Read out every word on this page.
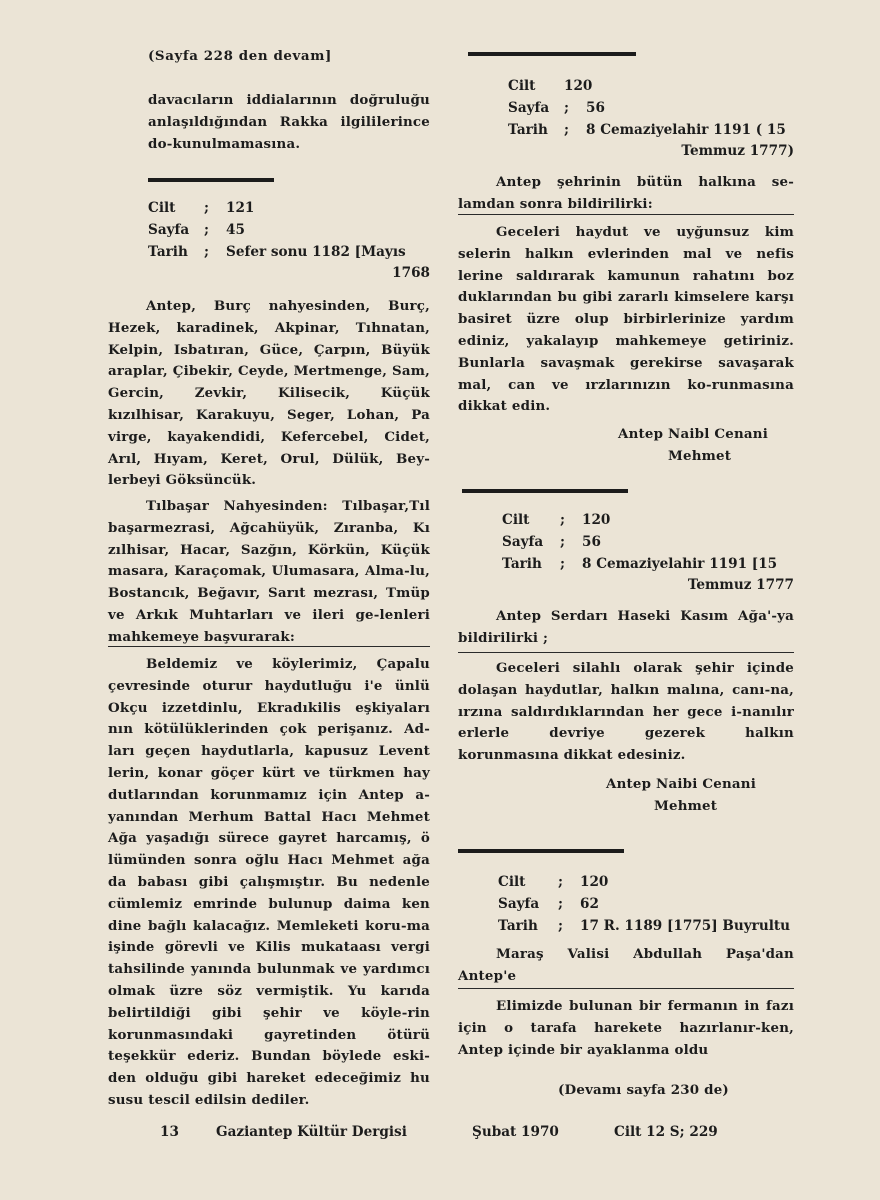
(Sayfa 228 den devam]

davacıların iddialarının doğruluğu anlaşıldığından Rakka ilgililerince do-kunulmamasına.

Cilt ; 121
Sayfa ; 45
Tarih ; Sefer sonu 1182 [Mayıs
1768

Antep, Burç nahyesinden, Burç, Hezek, karadinek, Akpinar, Tıhnatan, Kelpin, Isbatıran, Güce, Çarpın, Büyük araplar, Çibekir, Ceyde, Mertmenge, Sam, Gercin, Zevkir, Kilisecik, Küçük kızılhisar, Karakuyu, Seger, Lohan, Pa virge, kayakendidi, Kefercebel, Cidet, Arıl, Hıyam, Keret, Orul, Dülük, Bey-lerbeyi Göksüncük.

Tılbaşar Nahyesinden: Tılbaşar,Tıl başarmezrasi, Ağcahüyük, Zıranba, Kı zılhisar, Hacar, Sazğın, Körkün, Küçük masara, Karaçomak, Ulumasara, Alma-lu, Bostancık, Beğavır, Sarıt mezrası, Tmüp ve Arkık Muhtarları ve ileri ge-lenleri mahkemeye başvurarak:

Beldemiz ve köylerimiz, Çapalu çevresinde oturur haydutluğu i'e ünlü Okçu izzetdinlu, Ekradıkilis eşkiyaları nın kötülüklerinden çok perişanız. Ad-ları geçen haydutlarla, kapusuz Levent lerin, konar göçer kürt ve türkmen hay dutlarından korunmamız için Antep a-yanından Merhum Battal Hacı Mehmet Ağa yaşadığı sürece gayret harcamış, ö lümünden sonra oğlu Hacı Mehmet ağa da babası gibi çalışmıştır. Bu nedenle cümlemiz emrinde bulunup daima ken dine bağlı kalacağız. Memleketi koru-ma işinde görevli ve Kilis mukataası vergi tahsilinde yanında bulunmak ve yardımcı olmak üzre söz vermiştik. Yu karıda belirtildiği gibi şehir ve köyle-rin korunmasındaki gayretinden ötürü teşekkür ederiz. Bundan böylede eski-den olduğu gibi hareket edeceğimiz hu susu tescil edilsin dediler.

Cilt 120
Sayfa ; 56
Tarih ; 8 Cemaziyelahir 1191 ( 15
Temmuz 1777)

Antep şehrinin bütün halkına se-lamdan sonra bildirilirki:

Geceleri haydut ve uyğunsuz kim selerin halkın evlerinden mal ve nefis lerine saldırarak kamunun rahatını boz duklarından bu gibi zararlı kimselere karşı basiret üzre olup birbirlerinize yardım ediniz, yakalayıp mahkemeye getiriniz. Bunlarla savaşmak gerekirse savaşarak mal, can ve ırzlarınızın ko-runmasına dikkat edin.

Antep Naibl Cenani
Mehmet
Cilt ; 120
Sayfa ; 56
Tarih ; 8 Cemaziyelahir 1191 [15
Temmuz 1777

Antep Serdarı Haseki Kasım Ağa'-ya bildirilirki ;

Geceleri silahlı olarak şehir içinde dolaşan haydutlar, halkın malına, canı-na, ırzına saldırdıklarından her gece i-nanılır erlerle devriye gezerek halkın korunmasına dikkat edesiniz.

Antep Naibi Cenani
Mehmet
Cilt ; 120
Sayfa ; 62
Tarih ; 17 R. 1189 [1775] Buyrultu

Maraş Valisi Abdullah Paşa'dan Antep'e

Elimizde bulunan bir fermanın in fazı için o tarafa harekete hazırlanır-ken, Antep içinde bir ayaklanma oldu

(Devamı sayfa 230 de)
13	Gaziantep Kültür Dergisi	Şubat 1970	Cilt 12 S; 229
